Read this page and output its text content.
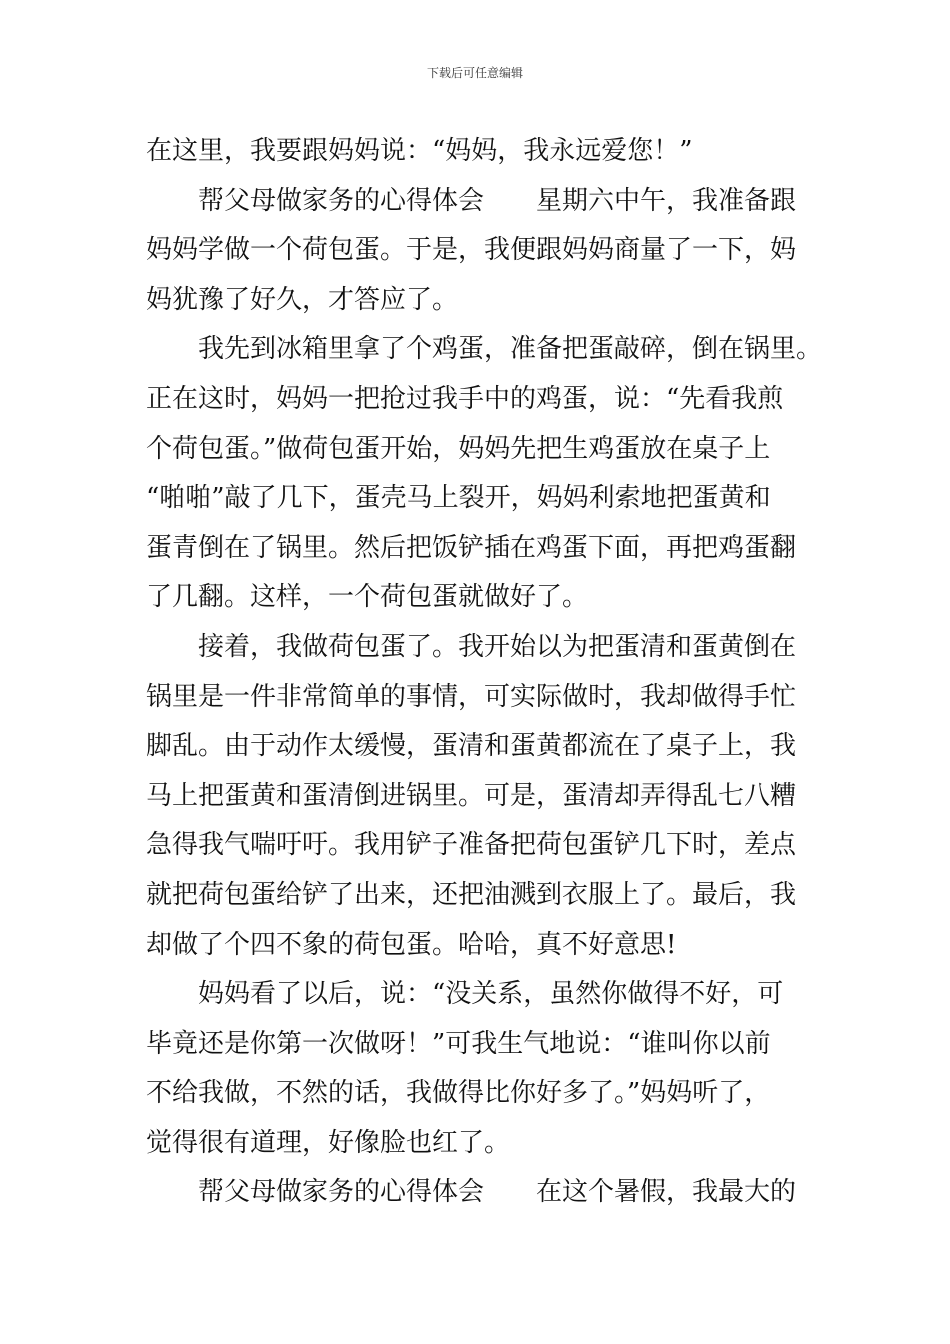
下载后可任意编辑

在这里，我要跟妈妈说：“妈妈，我永远爱您！”

帮父母做家务的心得体会　　星期六中午，我准备跟
妈妈学做一个荷包蛋。于是，我便跟妈妈商量了一下，妈
妈犹豫了好久，才答应了。

我先到冰箱里拿了个鸡蛋，准备把蛋敲碎，倒在锅里。
正在这时，妈妈一把抢过我手中的鸡蛋，说：“先看我煎
个荷包蛋。”做荷包蛋开始，妈妈先把生鸡蛋放在桌子上
“啪啪”敲了几下，蛋壳马上裂开，妈妈利索地把蛋黄和
蛋青倒在了锅里。然后把饭铲插在鸡蛋下面，再把鸡蛋翻
了几翻。这样，一个荷包蛋就做好了。

接着，我做荷包蛋了。我开始以为把蛋清和蛋黄倒在
锅里是一件非常简单的事情，可实际做时，我却做得手忙
脚乱。由于动作太缓慢，蛋清和蛋黄都流在了桌子上，我
马上把蛋黄和蛋清倒进锅里。可是，蛋清却弄得乱七八糟
急得我气喘吁吁。我用铲子准备把荷包蛋铲几下时，差点
就把荷包蛋给铲了出来，还把油溅到衣服上了。最后，我
却做了个四不象的荷包蛋。哈哈，真不好意思!

妈妈看了以后，说：“没关系，虽然你做得不好，可
毕竟还是你第一次做呀！”可我生气地说：“谁叫你以前
不给我做，不然的话，我做得比你好多了。”妈妈听了，
觉得很有道理，好像脸也红了。

帮父母做家务的心得体会　　在这个暑假，我最大的
